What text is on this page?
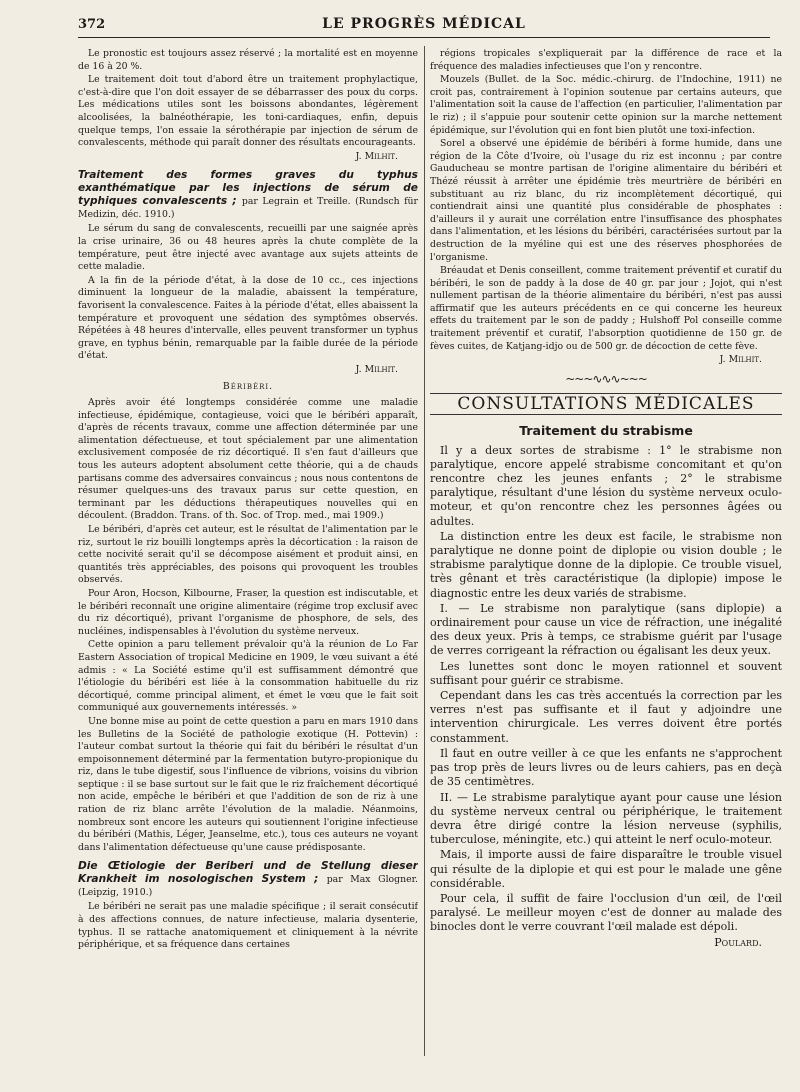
372	LE PROGRÈS MÉDICAL

Le pronostic est toujours assez réservé ; la mortalité est en moyenne de 16 à 20 %.

Le traitement doit tout d'abord être un traitement prophylactique, c'est-à-dire que l'on doit essayer de se débarrasser des poux du corps. Les médications utiles sont les boissons abondantes, légèrement alcoolisées, la balnéothérapie, les toni-cardiaques, enfin, depuis quelque temps, l'on essaie la sérothérapie par injection de sérum de convalescents, méthode qui paraît donner des résultats encourageants.

J. Milhit.
Traitement des formes graves du typhus exanthématique par les injections de sérum de typhiques convalescents ; par Legrain et Treille. (Rundsch für Medizin, déc. 1910.)

Le sérum du sang de convalescents, recueilli par une saignée après la crise urinaire, 36 ou 48 heures après la chute complète de la température, peut être injecté avec avantage aux sujets atteints de cette maladie.

A la fin de la période d'état, à la dose de 10 cc., ces injections diminuent la longueur de la maladie, abaissent la température, favorisent la convalescence. Faites à la période d'état, elles abaissent la température et provoquent une sédation des symptômes observés. Répétées à 48 heures d'intervalle, elles peuvent transformer un typhus grave, en typhus bénin, remarquable par la faible durée de la période d'état.

J. Milhit.
Béribéri.

Après avoir été longtemps considérée comme une maladie infectieuse, épidémique, contagieuse, voici que le béribéri apparaît, d'après de récents travaux, comme une affection déterminée par une alimentation défectueuse, et tout spécialement par une alimentation exclusivement composée de riz décortiqué. Il s'en faut d'ailleurs que tous les auteurs adoptent absolument cette théorie, qui a de chauds partisans comme des adversaires convaincus ; nous nous contentons de résumer quelques-uns des travaux parus sur cette question, en terminant par les déductions thérapeutiques nouvelles qui en découlent. (Braddon. Trans. of th. Soc. of Trop. med., mai 1909.)

Le béribéri, d'après cet auteur, est le résultat de l'alimentation par le riz, surtout le riz bouilli longtemps après la décortication : la raison de cette nocivité serait qu'il se décompose aisément et produit ainsi, en quantités très appréciables, des poisons qui provoquent les troubles observés.

Pour Aron, Hocson, Kilbourne, Fraser, la question est indiscutable, et le béribéri reconnaît une origine alimentaire (régime trop exclusif avec du riz décortiqué), privant l'organisme de phosphore, de sels, des nucléines, indispensables à l'évolution du système nerveux.

Cette opinion a paru tellement prévaloir qu'à la réunion de Lo Far Eastern Association of tropical Medicine en 1909, le vœu suivant a été admis : « La Société estime qu'il est suffisamment démontré que l'étiologie du béribéri est liée à la consommation habituelle du riz décortiqué, comme principal aliment, et émet le vœu que le fait soit communiqué aux gouvernements intéressés. »

Une bonne mise au point de cette question a paru en mars 1910 dans les Bulletins de la Société de pathologie exotique (H. Pottevin) : l'auteur combat surtout la théorie qui fait du béribéri le résultat d'un empoisonnement déterminé par la fermentation butyro-propionique du riz, dans le tube digestif, sous l'influence de vibrions, voisins du vibrion septique : il se base surtout sur le fait que le riz fraîchement décortiqué non acide, empêche le béribéri et que l'addition de son de riz à une ration de riz blanc arrête l'évolution de la maladie. Néanmoins, nombreux sont encore les auteurs qui soutiennent l'origine infectieuse du béribéri (Mathis, Léger, Jeanselme, etc.), tous ces auteurs ne voyant dans l'alimentation défectueuse qu'une cause prédisposante.

Die Œtiologie der Beriberi und de Stellung dieser Krankheit im nosologischen System ; par Max Glogner. (Leipzig, 1910.)

Le béribéri ne serait pas une maladie spécifique ; il serait consécutif à des affections connues, de nature infectieuse, malaria dysenterie, typhus. Il se rattache anatomiquement et cliniquement à la névrite périphérique, et sa fréquence dans certaines

régions tropicales s'expliquerait par la différence de race et la fréquence des maladies infectieuses que l'on y rencontre.

Mouzels (Bullet. de la Soc. médic.-chirurg. de l'Indochine, 1911) ne croit pas, contrairement à l'opinion soutenue par certains auteurs, que l'alimentation soit la cause de l'affection (en particulier, l'alimentation par le riz) ; il s'appuie pour soutenir cette opinion sur la marche nettement épidémique, sur l'évolution qui en font bien plutôt une toxi-infection.

Sorel a observé une épidémie de béribéri à forme humide, dans une région de la Côte d'Ivoire, où l'usage du riz est inconnu ; par contre Gauducheau se montre partisan de l'origine alimentaire du béribéri et Thézé réussit à arrêter une épidémie très meurtrière de béribéri en substituant au riz blanc, du riz incomplètement décortiqué, qui contiendrait ainsi une quantité plus considérable de phosphates : d'ailleurs il y aurait une corrélation entre l'insuffisance des phosphates dans l'alimentation, et les lésions du béribéri, caractérisées surtout par la destruction de la myéline qui est une des réserves phosphorées de l'organisme.

Bréaudat et Denis conseillent, comme traitement préventif et curatif du béribéri, le son de paddy à la dose de 40 gr. par jour ; Jojot, qui n'est nullement partisan de la théorie alimentaire du béribéri, n'est pas aussi affirmatif que les auteurs précédents en ce qui concerne les heureux effets du traitement par le son de paddy ; Hulshoff Pol conseille comme traitement préventif et curatif, l'absorption quotidienne de 150 gr. de fèves cuites, de Katjang-idjo ou de 500 gr. de décoction de cette fève.

J. Milhit.
~~~∿∿∿~~~
CONSULTATIONS MÉDICALES
Traitement du strabisme

Il y a deux sortes de strabisme : 1° le strabisme non paralytique, encore appelé strabisme concomitant et qu'on rencontre chez les jeunes enfants ; 2° le strabisme paralytique, résultant d'une lésion du système nerveux oculo-moteur, et qu'on rencontre chez les personnes âgées ou adultes.

La distinction entre les deux est facile, le strabisme non paralytique ne donne point de diplopie ou vision double ; le strabisme paralytique donne de la diplopie. Ce trouble visuel, très gênant et très caractéristique (la diplopie) impose le diagnostic entre les deux variés de strabisme.

I. — Le strabisme non paralytique (sans diplopie) a ordinairement pour cause un vice de réfraction, une inégalité des deux yeux. Pris à temps, ce strabisme guérit par l'usage de verres corrigeant la réfraction ou égalisant les deux yeux.

Les lunettes sont donc le moyen rationnel et souvent suffisant pour guérir ce strabisme.

Cependant dans les cas très accentués la correction par les verres n'est pas suffisante et il faut y adjoindre une intervention chirurgicale. Les verres doivent être portés constamment.

Il faut en outre veiller à ce que les enfants ne s'approchent pas trop près de leurs livres ou de leurs cahiers, pas en deçà de 35 centimètres.

II. — Le strabisme paralytique ayant pour cause une lésion du système nerveux central ou périphérique, le traitement devra être dirigé contre la lésion nerveuse (syphilis, tuberculose, méningite, etc.) qui atteint le nerf oculo-moteur.

Mais, il importe aussi de faire disparaître le trouble visuel qui résulte de la diplopie et qui est pour le malade une gêne considérable.

Pour cela, il suffit de faire l'occlusion d'un œil, de l'œil paralysé. Le meilleur moyen c'est de donner au malade des binocles dont le verre couvrant l'œil malade est dépoli.

Poulard.
